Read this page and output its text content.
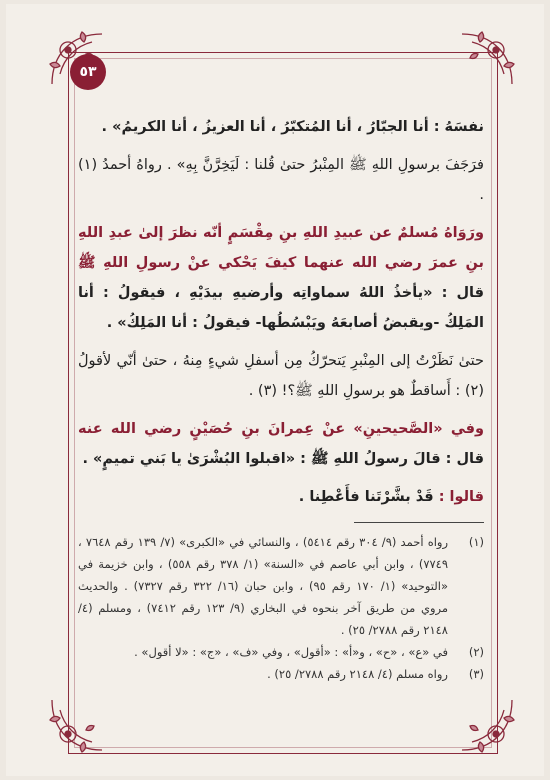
٥٣

نفسَهُ : أنا الجبّارُ ، أنا المُتكبّرُ ، أنا العزيزُ ، أنا الكريمُ» .

فرَجَفَ برسولِ اللهِ ﷺ المِنْبرُ حتىٰ قُلنا : لَيَخِرَّنَّ بِهِ» . رواهُ أحمدُ (١) .

ورَوَاهُ مُسلمٌ عن عبيدِ اللهِ بنِ مِقْسَمٍ أنّه نظرَ إلىٰ عبدِ اللهِ بنِ عمرَ رضي الله عنهما كيفَ يَحْكي عنْ رسولِ اللهِ ﷺ قال : «يأخذُ اللهُ سماواتِه وأرضيهِ بيدَيْهِ ، فيقولُ : أنا المَلِكُ -ويقبضُ أصابعَهُ ويَبْسُطُها- فيقولُ : أنا المَلِكُ» .

حتىٰ نَظَرْتُ إلى المِنْبرِ يَتحرّكُ مِن أسفلِ شيءٍ مِنهُ ، حتىٰ أنّي لأقولُ (٢) : أَساقطٌ هو برسولِ اللهِ ﷺ؟! (٣) .

وفي «الصَّحيحينِ» عنْ عِمرانَ بنِ حُصَيْنٍ رضي الله عنه قال : قالَ رسولُ اللهِ ﷺ : «اقبلوا البُشْرَىٰ يا بَني تميمٍ» .

قالوا : قَدْ بشَّرْتَنا فأَعْطِنا .

(١)
رواه أحمد (٩/ ٣٠٤ رقم ٥٤١٤) ، والنسائي في «الكبرى» (٧/ ١٣٩ رقم ٧٦٤٨ ، ٧٧٤٩) ، وابن أبي عاصم في «السنة» (١/ ٣٧٨ رقم ٥٥٨) ، وابن خزيمة في «التوحيد» (١/ ١٧٠ رقم ٩٥) ، وابن حبان (١٦/ ٣٢٢ رقم ٧٣٢٧) . والحديث مروي من طريق آخر بنحوه في البخاري (٩/ ١٢٣ رقم ٧٤١٢) ، ومسلم (٤/ ٢١٤٨ رقم ٢٧٨٨/ ٢٥) .
(٢)
في «ع» ، «ح» ، و«أ» : «أقول» ، وفي «ف» ، «ج» : «لا أقول» .
(٣)
رواه مسلم (٤/ ٢١٤٨ رقم ٢٧٨٨/ ٢٥) .
